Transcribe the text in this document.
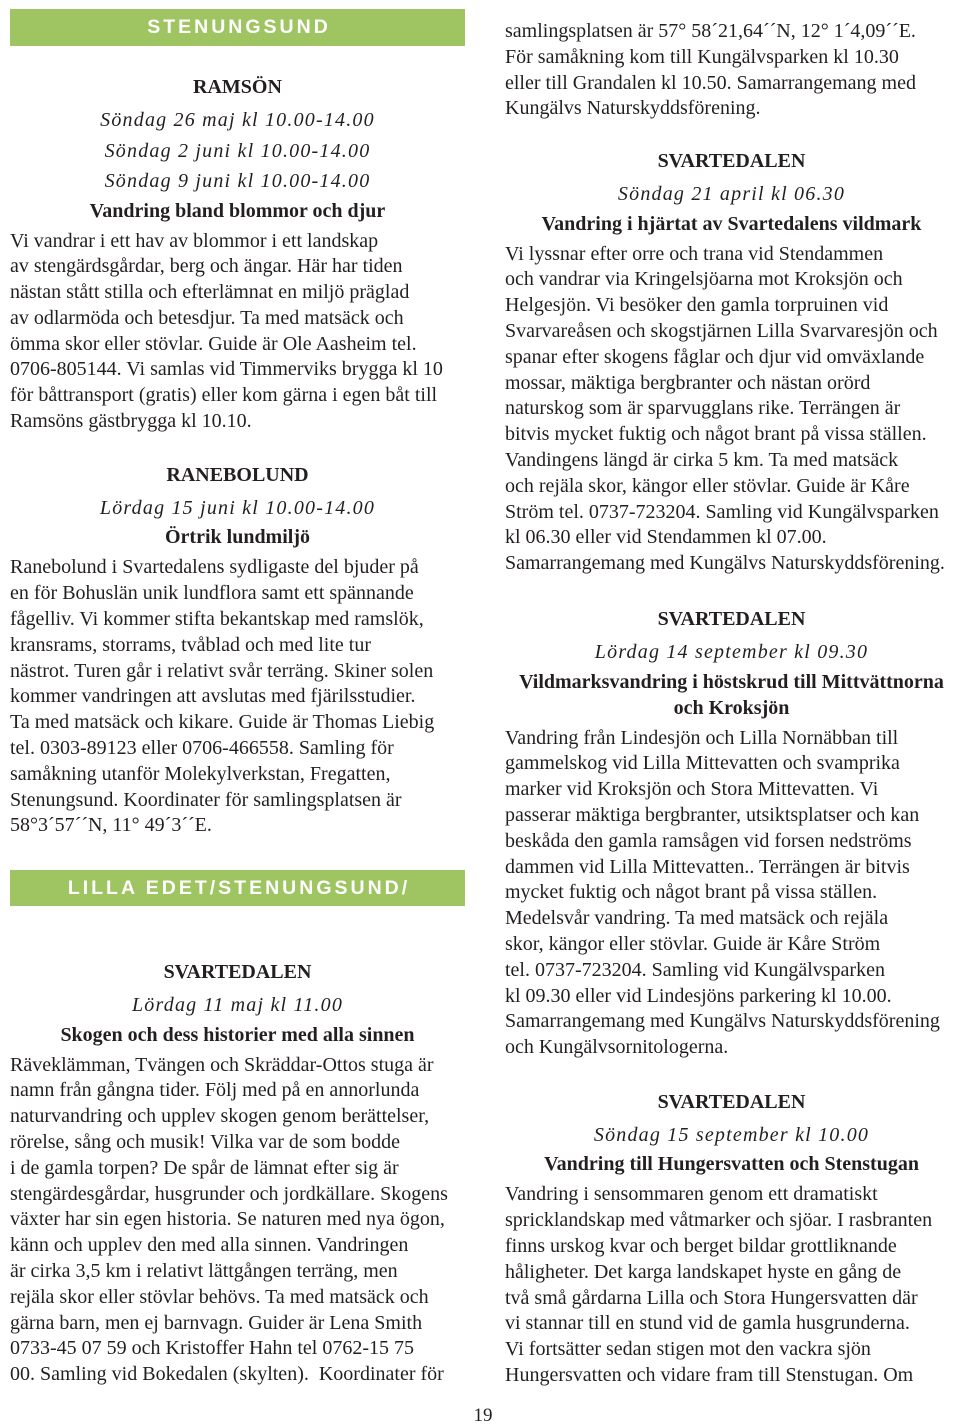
STENUNGSUND
RAMSÖN
Söndag 26 maj kl 10.00-14.00
Söndag 2 juni kl 10.00-14.00
Söndag 9 juni kl 10.00-14.00
Vandring bland blommor och djur
Vi vandrar i ett hav av blommor i ett landskap
av stengärdsgårdar, berg och ängar. Här har tiden
nästan stått stilla och efterlämnat en miljö präglad
av odlarmöda och betesdjur. Ta med matsäck och
ömma skor eller stövlar. Guide är Ole Aasheim tel.
0706-805144. Vi samlas vid Timmerviks brygga kl 10
för båttransport (gratis) eller kom gärna i egen båt till
Ramsöns gästbrygga kl 10.10.
RANEBOLUND
Lördag 15 juni kl 10.00-14.00
Örtrik lundmiljö
Ranebolund i Svartedalens sydligaste del bjuder på
en för Bohuslän unik lundflora samt ett spännande
fågelliv. Vi kommer stifta bekantskap med ramslök,
kransrams, storrams, tvåblad och med lite tur
nästrot. Turen går i relativt svår terräng. Skiner solen
kommer vandringen att avslutas med fjärilsstudier.
Ta med matsäck och kikare. Guide är Thomas Liebig
tel. 0303-89123 eller 0706-466558. Samling för
samåkning utanför Molekylverkstan, Fregatten,
Stenungsund. Koordinater för samlingsplatsen är
58°3´57´´N, 11° 49´3´´E.
LILLA EDET/STENUNGSUND/
SVARTEDALEN
Lördag 11 maj kl 11.00
Skogen och dess historier med alla sinnen
Räveklämman, Tvängen och Skräddar-Ottos stuga är
namn från gångna tider. Följ med på en annorlunda
naturvandring och upplev skogen genom berättelser,
rörelse, sång och musik! Vilka var de som bodde
i de gamla torpen? De spår de lämnat efter sig är
stengärdesgårdar, husgrunder och jordkällare. Skogens
växter har sin egen historia. Se naturen med nya ögon,
känn och upplev den med alla sinnen. Vandringen
är cirka 3,5 km i relativt lättgången terräng, men
rejäla skor eller stövlar behövs. Ta med matsäck och
gärna barn, men ej barnvagn. Guider är Lena Smith
0733-45 07 59 och Kristoffer Hahn tel 0762-15 75
00. Samling vid Bokedalen (skylten).  Koordinater för
samlingsplatsen är 57° 58´21,64´´N, 12° 1´4,09´´E.
För samåkning kom till Kungälvsparken kl 10.30
eller till Grandalen kl 10.50. Samarrangemang med
Kungälvs Naturskyddsförening.
SVARTEDALEN
Söndag 21 april kl 06.30
Vandring i hjärtat av Svartedalens vildmark
Vi lyssnar efter orre och trana vid Stendammen
och vandrar via Kringelsjöarna mot Kroksjön och
Helgesjön. Vi besöker den gamla torpruinen vid
Svarvareåsen och skogstjärnen Lilla Svarvaresjön och
spanar efter skogens fåglar och djur vid omväxlande
mossar, mäktiga bergbranter och nästan orörd
naturskog som är sparvugglans rike. Terrängen är
bitvis mycket fuktig och något brant på vissa ställen.
Vandingens längd är cirka 5 km. Ta med matsäck
och rejäla skor, kängor eller stövlar. Guide är Kåre
Ström tel. 0737-723204. Samling vid Kungälvsparken
kl 06.30 eller vid Stendammen kl 07.00.
Samarrangemang med Kungälvs Naturskyddsförening.
SVARTEDALEN
Lördag 14 september kl 09.30
Vildmarksvandring i höstskrud till Mittvättnorna
och Kroksjön
Vandring från Lindesjön och Lilla Nornäbban till
gammelskog vid Lilla Mittevatten och svamprika
marker vid Kroksjön och Stora Mittevatten. Vi
passerar mäktiga bergbranter, utsiktsplatser och kan
beskåda den gamla ramsågen vid forsen nedströms
dammen vid Lilla Mittevatten.. Terrängen är bitvis
mycket fuktig och något brant på vissa ställen.
Medelsvår vandring. Ta med matsäck och rejäla
skor, kängor eller stövlar. Guide är Kåre Ström
tel. 0737-723204. Samling vid Kungälvsparken
kl 09.30 eller vid Lindesjöns parkering kl 10.00.
Samarrangemang med Kungälvs Naturskyddsförening
och Kungälvsornitologerna.
SVARTEDALEN
Söndag 15 september kl 10.00
Vandring till Hungersvatten och Stenstugan
Vandring i sensommaren genom ett dramatiskt
spricklandskap med våtmarker och sjöar. I rasbranten
finns urskog kvar och berget bildar grottliknande
håligheter. Det karga landskapet hyste en gång de
två små gårdarna Lilla och Stora Hungersvatten där
vi stannar till en stund vid de gamla husgrunderna.
Vi fortsätter sedan stigen mot den vackra sjön
Hungersvatten och vidare fram till Stenstugan. Om
19
